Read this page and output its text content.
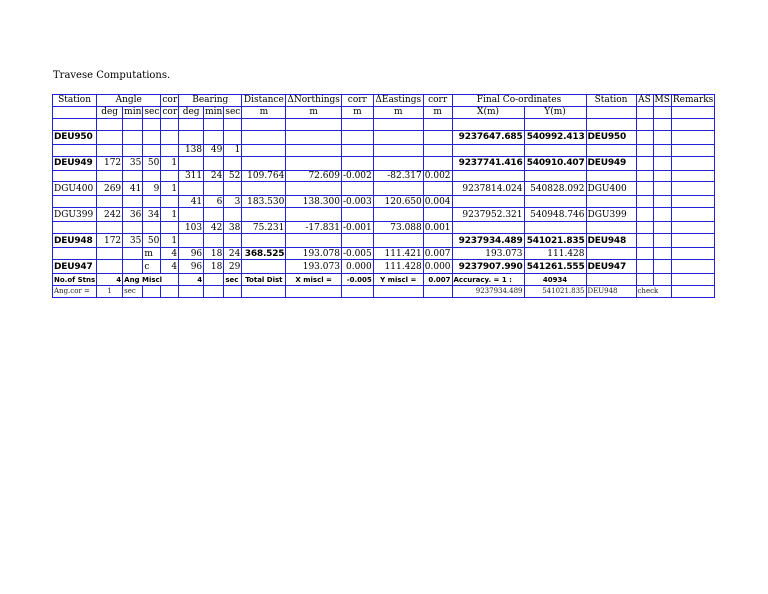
Travese Computations.
Station	Angle			cor	Bearing			Distance	ΔNorthings	corr	ΔEastings	corr	Final Co-ordinates		Station	AS	MS	Remarks
	deg	min	sec	cor	deg	min	sec	m	m	m	m	m	X(m)	Y(m)				

DEU950													9237647.685	540992.413	DEU950			
					138	49	1											
DEU949	172	35	50	1									9237741.416	540910.407	DEU949			
					311	24	52	109.764	72.609	-0.002	-82.317	0.002						
DGU400	269	41	9	1									9237814.024	540828.092	DGU400			
					41	6	3	183.530	138.300	-0.003	120.650	0.004						
DGU399	242	36	34	1									9237952.321	540948.746	DGU399			
					103	42	38	75.231	-17.831	-0.001	73.088	0.001						
DEU948	172	35	50	1									9237934.489	541021.835	DEU948			
			m	4	96	18	24	368.525	193.078	-0.005	111.421	0.007	193.073	111.428				
DEU947			c	4	96	18	29		193.073	0.000	111.428	0.000	9237907.990	541261.555	DEU947			
No.of Stns	4	Ang Miscl			4		sec	Total Dist	X miscl =	-0.005	Y miscl =	0.007	Accuracy. = 1 :	40934				
Ang.cor =	1	sec											9237934.489	541021.835	DEU948	check		
